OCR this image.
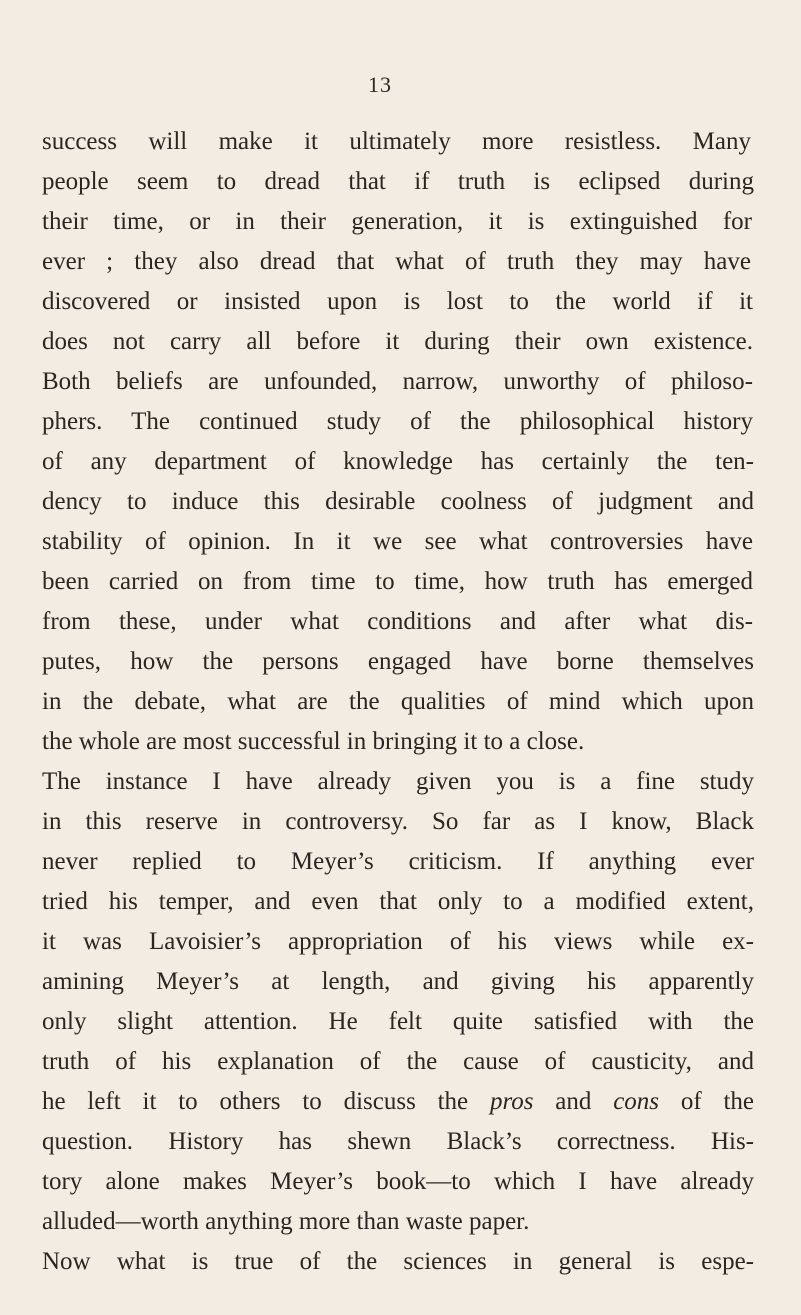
13
success will make it ultimately more resistless. Many
people seem to dread that if truth is eclipsed during
their time, or in their generation, it is extinguished for
ever ; they also dread that what of truth they may have
discovered or insisted upon is lost to the world if it
does not carry all before it during their own existence.
Both beliefs are unfounded, narrow, unworthy of philoso-
phers. The continued study of the philosophical history
of any department of knowledge has certainly the ten-
dency to induce this desirable coolness of judgment and
stability of opinion. In it we see what controversies have
been carried on from time to time, how truth has emerged
from these, under what conditions and after what dis-
putes, how the persons engaged have borne themselves
in the debate, what are the qualities of mind which upon
the whole are most successful in bringing it to a close.
The instance I have already given you is a fine study
in this reserve in controversy. So far as I know, Black
never replied to Meyer’s criticism. If anything ever
tried his temper, and even that only to a modified extent,
it was Lavoisier’s appropriation of his views while ex-
amining Meyer’s at length, and giving his apparently
only slight attention. He felt quite satisfied with the
truth of his explanation of the cause of causticity, and
he left it to others to discuss the pros and cons of the
question. History has shewn Black’s correctness. His-
tory alone makes Meyer’s book—to which I have already
alluded—worth anything more than waste paper.
Now what is true of the sciences in general is espe-
